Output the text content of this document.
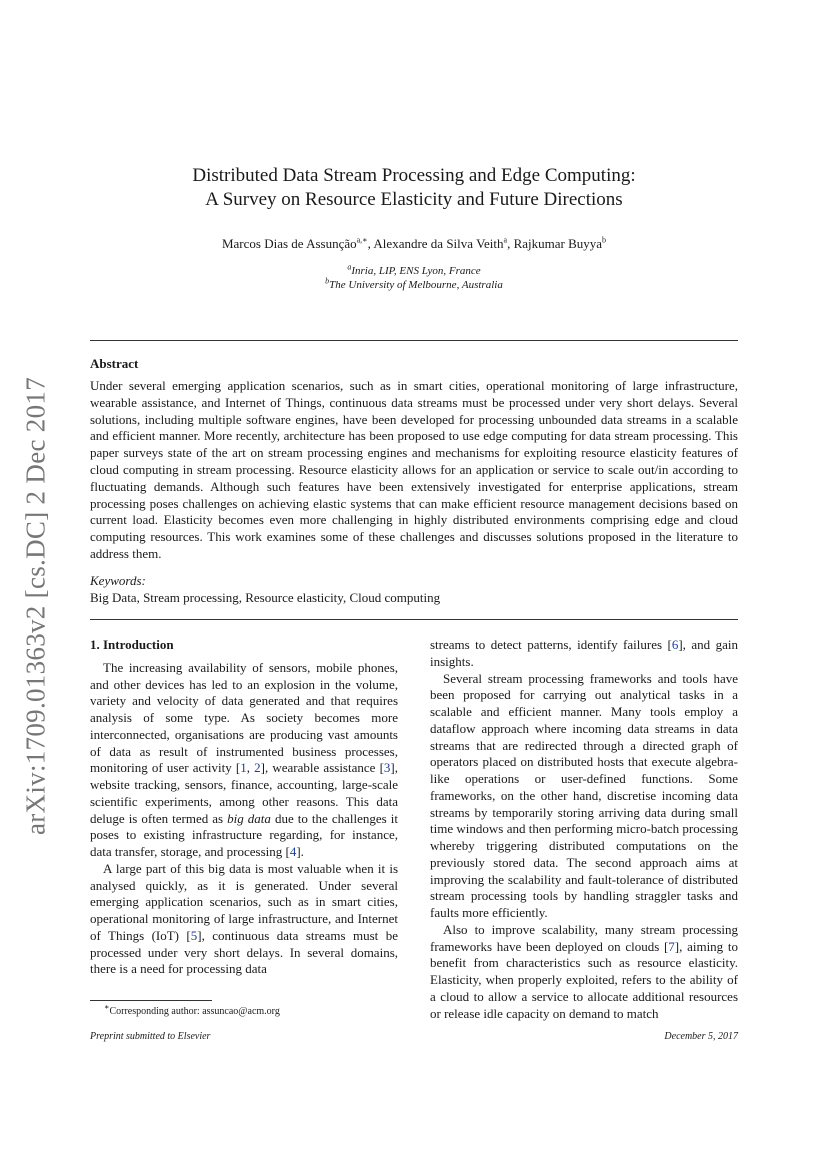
arXiv:1709.01363v2 [cs.DC] 2 Dec 2017
Distributed Data Stream Processing and Edge Computing:
A Survey on Resource Elasticity and Future Directions
Marcos Dias de Assunção$^{a,∗}$, Alexandre da Silva Veith$^a$, Rajkumar Buyya$^b$
$^a$Inria, LIP, ENS Lyon, France
$^b$The University of Melbourne, Australia
Abstract
Under several emerging application scenarios, such as in smart cities, operational monitoring of large infrastructure, wearable assistance, and Internet of Things, continuous data streams must be processed under very short delays. Several solutions, including multiple software engines, have been developed for processing unbounded data streams in a scalable and efficient manner. More recently, architecture has been proposed to use edge computing for data stream processing. This paper surveys state of the art on stream processing engines and mechanisms for exploiting resource elasticity features of cloud computing in stream processing. Resource elasticity allows for an application or service to scale out/in according to fluctuating demands. Although such features have been extensively investigated for enterprise applications, stream processing poses challenges on achieving elastic systems that can make efficient resource management decisions based on current load. Elasticity becomes even more challenging in highly distributed environments comprising edge and cloud computing resources. This work examines some of these challenges and discusses solutions proposed in the literature to address them.
Keywords:
Big Data, Stream processing, Resource elasticity, Cloud computing
1. Introduction

The increasing availability of sensors, mobile phones, and other devices has led to an explosion in the volume, variety and velocity of data generated and that requires analysis of some type. As society becomes more interconnected, organisations are producing vast amounts of data as result of instrumented business processes, monitoring of user activity [1, 2], wearable assistance [3], website tracking, sensors, finance, accounting, large-scale scientific experiments, among other reasons. This data deluge is often termed as big data due to the challenges it poses to existing infrastructure regarding, for instance, data transfer, storage, and processing [4].

A large part of this big data is most valuable when it is analysed quickly, as it is generated. Under several emerging application scenarios, such as in smart cities, operational monitoring of large infrastructure, and Internet of Things (IoT) [5], continuous data streams must be processed under very short delays. In several domains, there is a need for processing data

∗Corresponding author: assuncao@acm.org

streams to detect patterns, identify failures [6], and gain insights.

Several stream processing frameworks and tools have been proposed for carrying out analytical tasks in a scalable and efficient manner. Many tools employ a dataflow approach where incoming data streams in data streams that are redirected through a directed graph of operators placed on distributed hosts that execute algebra-like operations or user-defined functions. Some frameworks, on the other hand, discretise incoming data streams by temporarily storing arriving data during small time windows and then performing micro-batch processing whereby triggering distributed computations on the previously stored data. The second approach aims at improving the scalability and fault-tolerance of distributed stream processing tools by handling straggler tasks and faults more efficiently.

Also to improve scalability, many stream processing frameworks have been deployed on clouds [7], aiming to benefit from characteristics such as resource elasticity. Elasticity, when properly exploited, refers to the ability of a cloud to allow a service to allocate additional resources or release idle capacity on demand to match

Preprint submitted to Elsevier	December 5, 2017
